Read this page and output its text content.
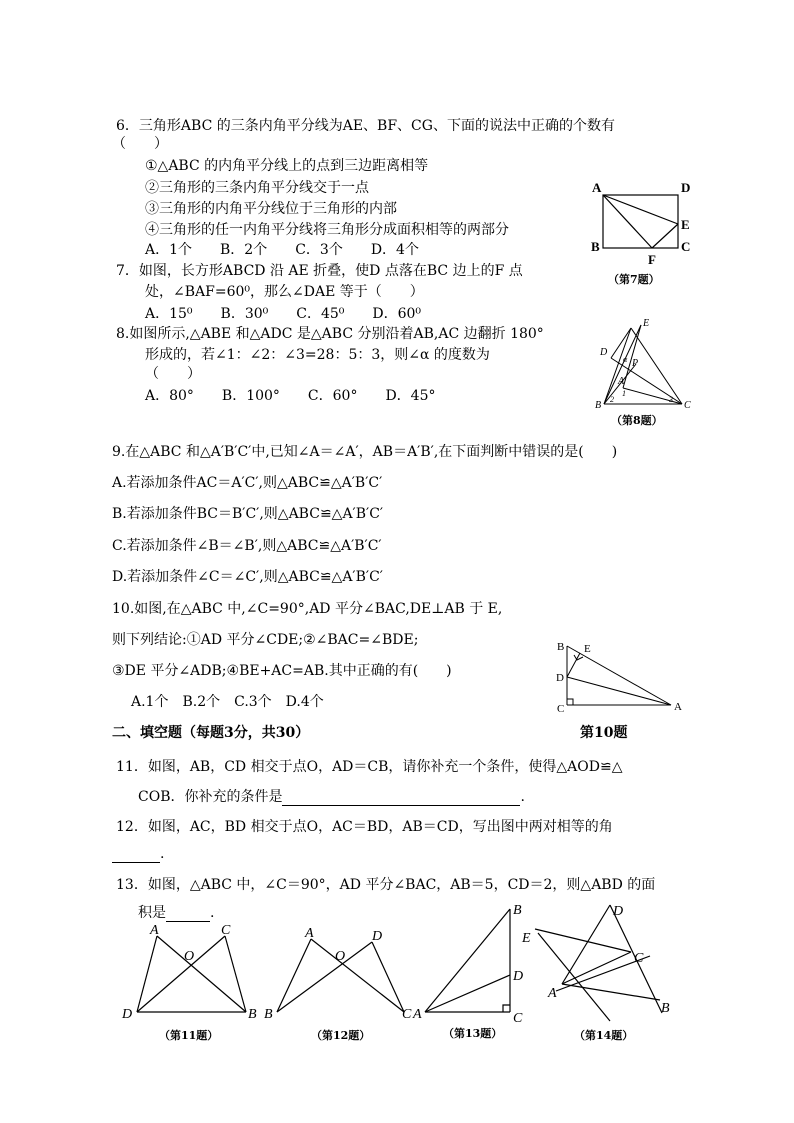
6．三角形ABC 的三条内角平分线为AE、BF、CG、下面的说法中正确的个数有
（　　）
①△ABC 的内角平分线上的点到三边距离相等
②三角形的三条内角平分线交于一点
③三角形的内角平分线位于三角形的内部
④三角形的任一内角平分线将三角形分成面积相等的两部分
A．1个　　B．2个　　C．3个　　D．4个
7．如图，长方形ABCD 沿 AE 折叠，使D 点落在BC 边上的F 点
处，∠BAF=60⁰，那么∠DAE 等于（　　）
A．15⁰　　B．30⁰　　C．45⁰　　D．60⁰
8.如图所示,△ABE 和△ADC 是△ABC 分别沿着AB,AC 边翻折 180°
形成的，若∠1：∠2：∠3=28：5：3，则∠α 的度数为
（　　）
A．80°　　B．100°　　C．60°　　D．45°
9.在△ABC 和△A′B′C′中,已知∠A＝∠A′，AB＝A′B′,在下面判断中错误的是(　　)
A.若添加条件AC＝A′C′,则△ABC≌△A′B′C′
B.若添加条件BC＝B′C′,则△ABC≌△A′B′C′
C.若添加条件∠B＝∠B′,则△ABC≌△A′B′C′
D.若添加条件∠C＝∠C′,则△ABC≌△A′B′C′
10.如图,在△ABC 中,∠C=90°,AD 平分∠BAC,DE⊥AB 于 E,
则下列结论:①AD 平分∠CDE;②∠BAC=∠BDE;
③DE 平分∠ADB;④BE+AC=AB.其中正确的有(　　)
A.1个　B.2个　C.3个　D.4个
二、填空题（每题3分，共30）
11．如图，AB，CD 相交于点O，AD＝CB，请你补充一个条件，使得△AOD≌△
COB．你补充的条件是	.
12．如图，AC，BD 相交于点O，AC＝BD，AB＝CD，写出图中两对相等的角
.
13．如图，△ABC 中，∠C＝90°，AD 平分∠BAC，AB＝5，CD＝2，则△ABD 的面
积是	.
A	D
E
C
B
F
（第7题）
E
D
P
α
A
B	C
1
2	3
（第8题）
B E
D
C	A
第10题
A	C
O
D	B
（第11题）
A	D
O
B	C
（第12题）
B
D
C
A
（第13题）
D
E
C
A
B
（第14题）
